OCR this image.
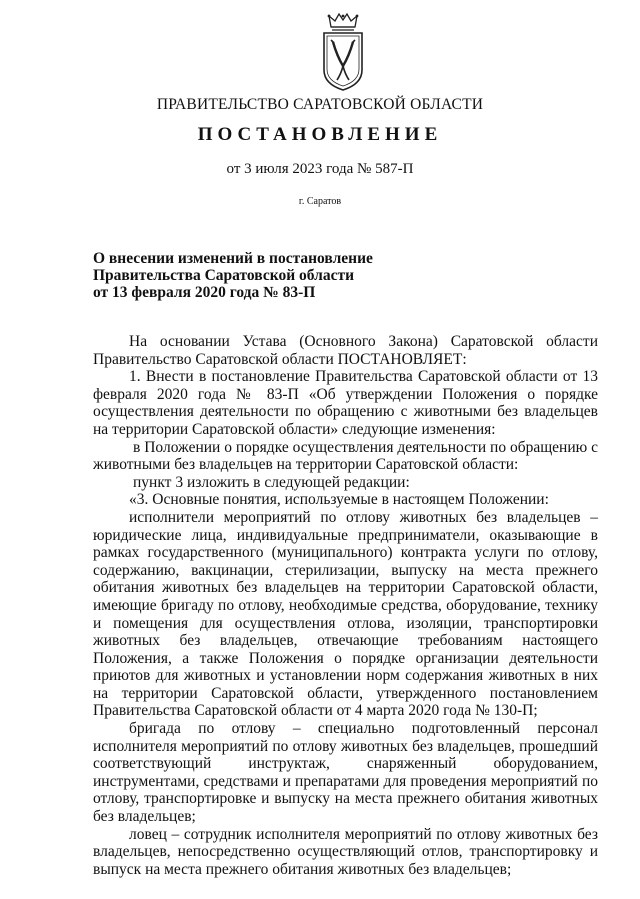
ПРАВИТЕЛЬСТВО САРАТОВСКОЙ ОБЛАСТИ
ПОСТАНОВЛЕНИЕ
от 3 июля 2023 года № 587-П
г. Саратов
О внесении изменений в постановление
Правительства Саратовской области
от 13 февраля 2020 года № 83-П

На основании Устава (Основного Закона) Саратовской области Правительство Саратовской области ПОСТАНОВЛЯЕТ:

1. Внести в постановление Правительства Саратовской области от 13 февраля 2020 года № 83-П «Об утверждении Положения о порядке осуществления деятельности по обращению с животными без владельцев на территории Саратовской области» следующие изменения:

в Положении о порядке осуществления деятельности по обращению с животными без владельцев на территории Саратовской области:

пункт 3 изложить в следующей редакции:

«3. Основные понятия, используемые в настоящем Положении:

исполнители мероприятий по отлову животных без владельцев – юридические лица, индивидуальные предприниматели, оказывающие в рамках государственного (муниципального) контракта услуги по отлову, содержанию, вакцинации, стерилизации, выпуску на места прежнего обитания животных без владельцев на территории Саратовской области, имеющие бригаду по отлову, необходимые средства, оборудование, технику и помещения для осуществления отлова, изоляции, транспортировки животных без владельцев, отвечающие требованиям настоящего Положения, а также Положения о порядке организации деятельности приютов для животных и установлении норм содержания животных в них на территории Саратовской области, утвержденного постановлением Правительства Саратовской области от 4 марта 2020 года № 130-П;

бригада по отлову – специально подготовленный персонал исполнителя мероприятий по отлову животных без владельцев, прошедший соответствующий инструктаж, снаряженный оборудованием, инструментами, средствами и препаратами для проведения мероприятий по отлову, транспортировке и выпуску на места прежнего обитания животных без владельцев;

ловец – сотрудник исполнителя мероприятий по отлову животных без владельцев, непосредственно осуществляющий отлов, транспортировку и выпуск на места прежнего обитания животных без владельцев;
